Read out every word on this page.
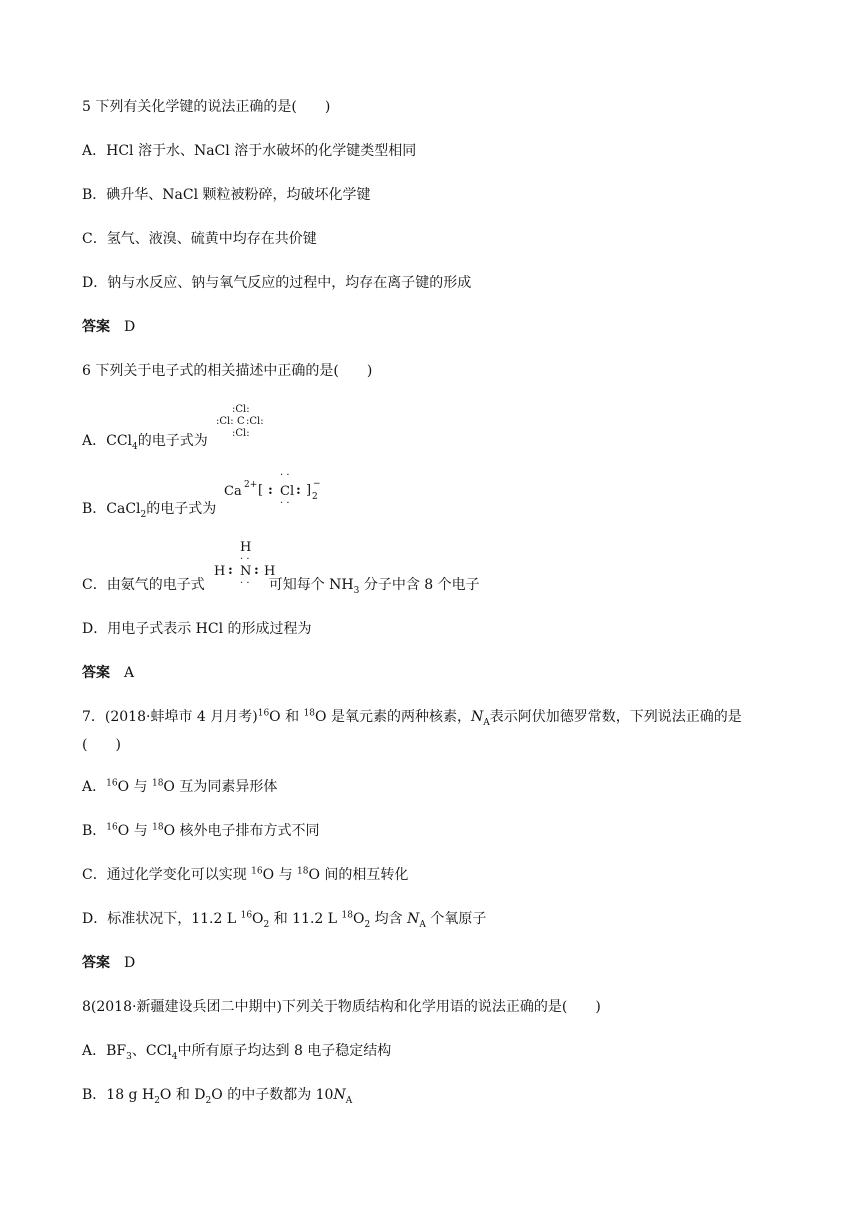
5 下列有关化学键的说法正确的是(　　)
A．HCl 溶于水、NaCl 溶于水破坏的化学键类型相同
B．碘升华、NaCl 颗粒被粉碎，均破坏化学键
C．氢气、液溴、硫黄中均存在共价键
D．钠与水反应、钠与氧气反应的过程中，均存在离子键的形成
答案 D
6 下列关于电子式的相关描述中正确的是(　　)
A．CCl$_4$的电子式为
:Cl:
:Cl: C :Cl:
:Cl:
B．CaCl$_2$的电子式为
Ca 2+ [ :
· ·
Cl
· ·
: ] −
2
C．由氨气的电子式	可知每个 $NH_3$ 分子中含 8 个电子
H
· ·
H : N : H
· ·
D．用电子式表示 HCl 的形成过程为
答案 A
7．(2018·蚌埠市 4 月月考)$^{16}$O 和 $^{18}$O 是氧元素的两种核素，$N_A$表示阿伏加德罗常数，下列说法正确的是
(　　)
A．$^{16}$O 与 $^{18}$O 互为同素异形体
B．$^{16}$O 与 $^{18}$O 核外电子排布方式不同
C．通过化学变化可以实现 $^{16}$O 与 $^{18}$O 间的相互转化
D．标准状况下，11.2 L $^{16}O_2$ 和 11.2 L $^{18}O_2$ 均含 $N_A$ 个氧原子
答案 D
8(2018·新疆建设兵团二中期中)下列关于物质结构和化学用语的说法正确的是(　　)
A．$BF_3$、CCl$_4$中所有原子均达到 8 电子稳定结构
B．18 g $H_2O$ 和 $D_2O$ 的中子数都为 $10N_A$
